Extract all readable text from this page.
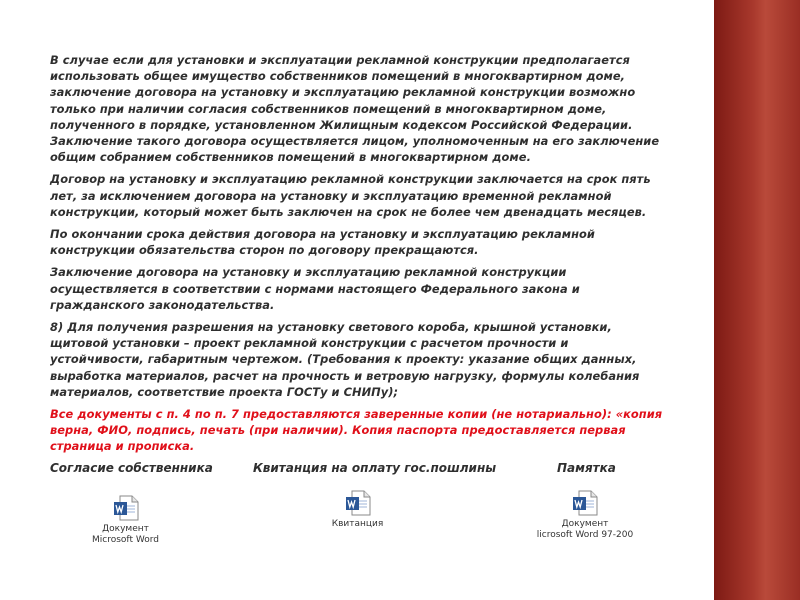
В случае если для установки и эксплуатации рекламной конструкции предполагается использовать общее имущество собственников помещений в многоквартирном доме, заключение договора на установку и эксплуатацию рекламной конструкции возможно только при наличии согласия собственников помещений в многоквартирном доме, полученного в порядке, установленном Жилищным кодексом Российской Федерации. Заключение такого договора осуществляется лицом, уполномоченным на его заключение общим собранием собственников помещений в многоквартирном доме.

Договор на установку и эксплуатацию рекламной конструкции заключается на срок пять лет, за исключением договора на установку и эксплуатацию временной рекламной конструкции, который может быть заключен на срок не более чем двенадцать месяцев.

По окончании срока действия договора на установку и эксплуатацию рекламной конструкции обязательства сторон по договору прекращаются.

Заключение договора на установку и эксплуатацию рекламной конструкции осуществляется в соответствии с нормами настоящего Федерального закона и гражданского законодательства.

8) Для получения разрешения на установку светового короба, крышной установки, щитовой установки – проект рекламной конструкции с расчетом прочности и устойчивости, габаритным чертежом. (Требования к проекту: указание общих данных, выработка материалов, расчет на прочность и ветровую нагрузку, формулы колебания материалов, соответствие проекта ГОСТу и СНИПу);

Все документы с п. 4 по п. 7 предоставляются заверенные копии (не нотариально): «копия верна, ФИО, подпись, печать (при наличии). Копия паспорта предоставляется первая страница и прописка.

Согласие собственника	Квитанция на оплату гос.пошлины	Памятка
Документ
Microsoft Word
Квитанция	Документ
licrosoft Word 97-200
